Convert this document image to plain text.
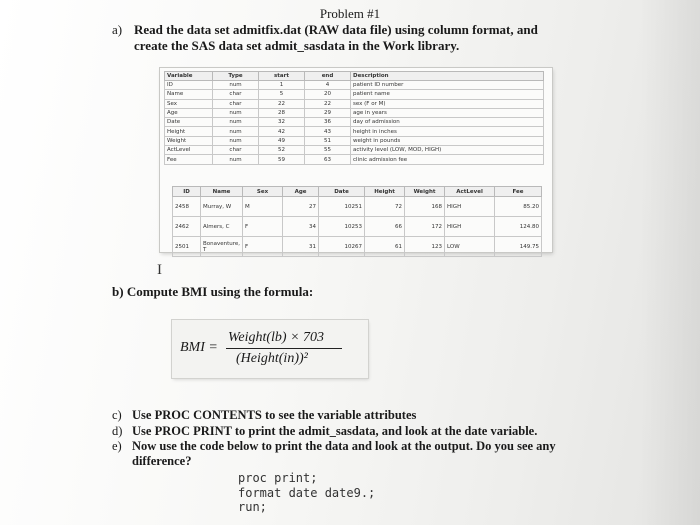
Problem #1
a) Read the data set admitfix.dat (RAW data file) using column format, and create the SAS data set admit_sasdata in the Work library.
Variable	Type	start	end	Description
ID	num	1	4	patient ID number
Name	char	5	20	patient name
Sex	char	22	22	sex (F or M)
Age	num	28	29	age in years
Date	num	32	36	day of admission
Height	num	42	43	height in inches
Weight	num	49	51	weight in pounds
ActLevel	char	52	55	activity level (LOW, MOD, HIGH)
Fee	num	59	63	clinic admission fee
ID	Name	Sex	Age	Date	Height	Weight	ActLevel	Fee
2458	Murray, W	M	27	10251	72	168	HIGH	85.20
2462	Almers, C	F	34	10253	66	172	HIGH	124.80
2501	Bonaventure, T	F	31	10267	61	123	LOW	149.75
I
b) Compute BMI using the formula:
BMI =
Weight(lb) × 703
(Height(in))²
c) Use PROC CONTENTS to see the variable attributes
d) Use PROC PRINT to print the admit_sasdata, and look at the date variable.
e) Now use the code below to print the data and look at the output. Do you see any difference?
proc print;
format date date9.;
run;
